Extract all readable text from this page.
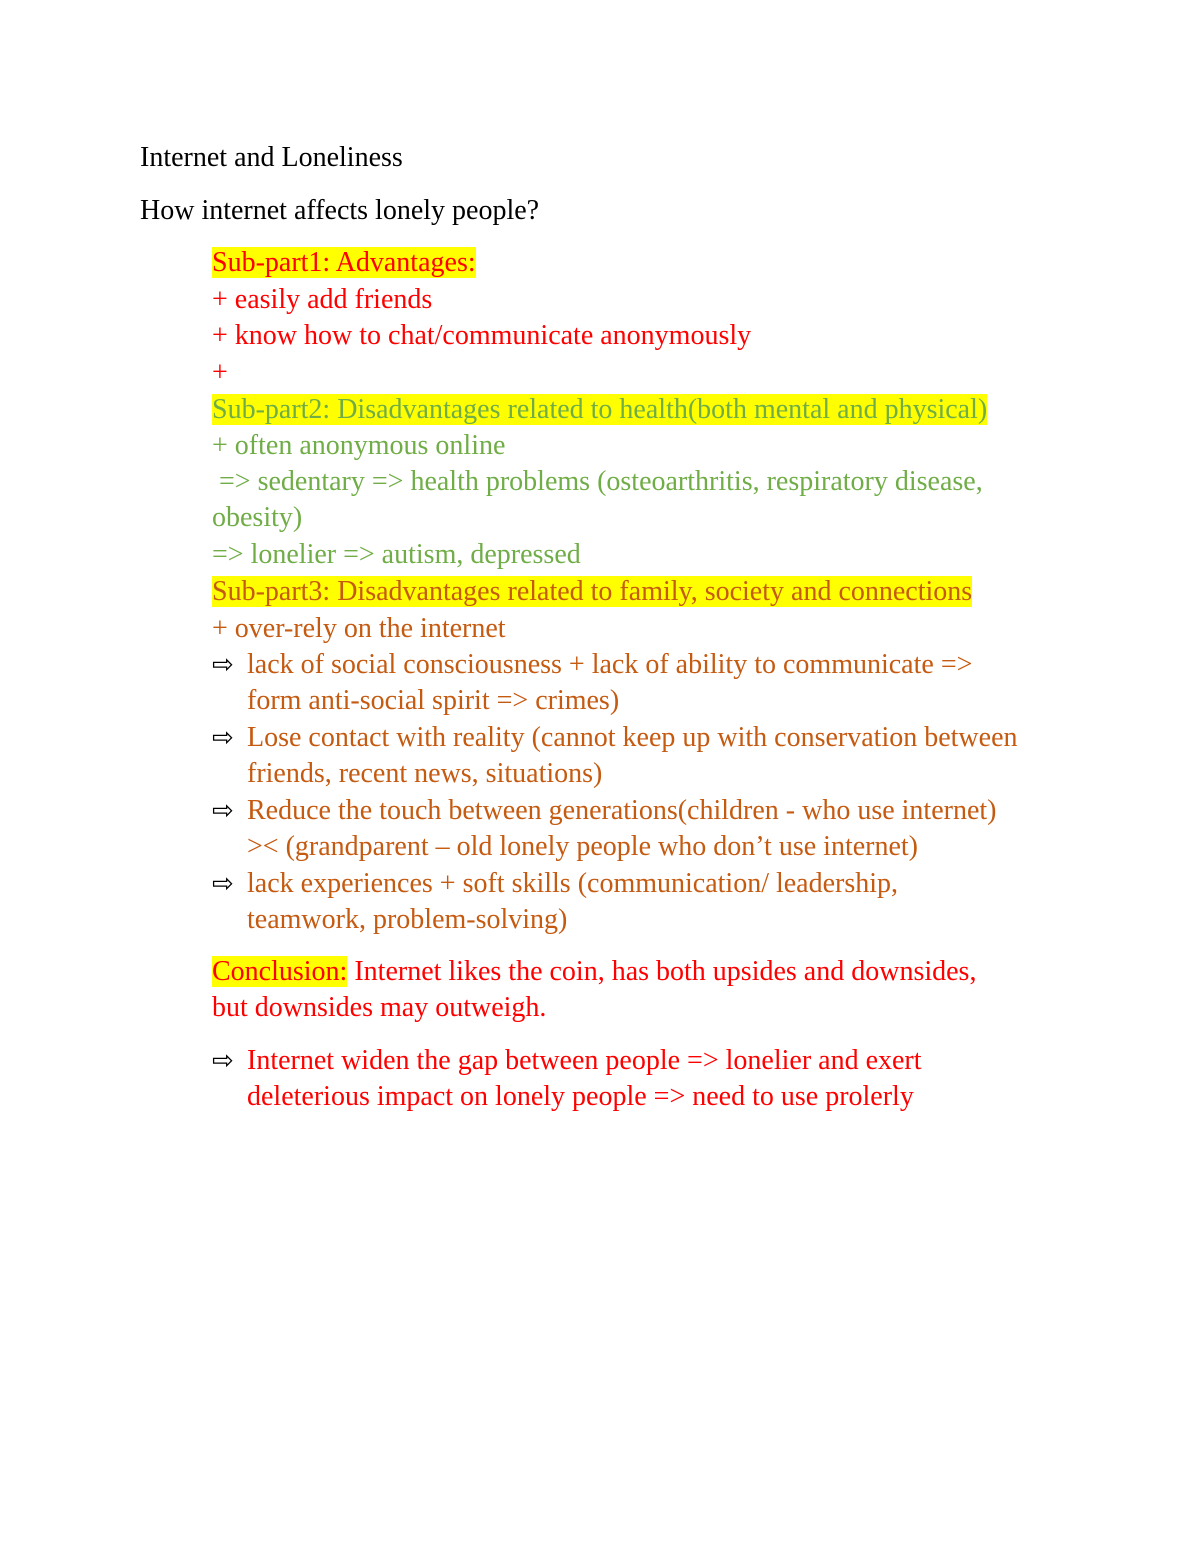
Internet and Loneliness
How internet affects lonely people?
Sub-part1: Advantages:
+ easily add friends
+ know how to chat/communicate anonymously
+
Sub-part2: Disadvantages related to health(both mental and physical)
+ often anonymous online
=> sedentary => health problems (osteoarthritis, respiratory disease,
obesity)
=> lonelier => autism, depressed
Sub-part3: Disadvantages related to family, society and connections
+ over-rely on the internet
⇨ lack of social consciousness + lack of ability to communicate =>
form anti-social spirit => crimes)
⇨ Lose contact with reality (cannot keep up with conservation between
friends, recent news, situations)
⇨ Reduce the touch between generations(children - who use internet)
>< (grandparent – old lonely people who don’t use internet)
⇨ lack experiences + soft skills (communication/ leadership,
teamwork, problem-solving)
Conclusion: Internet likes the coin, has both upsides and downsides,
but downsides may outweigh.
⇨ Internet widen the gap between people => lonelier and exert
deleterious impact on lonely people => need to use prolerly
